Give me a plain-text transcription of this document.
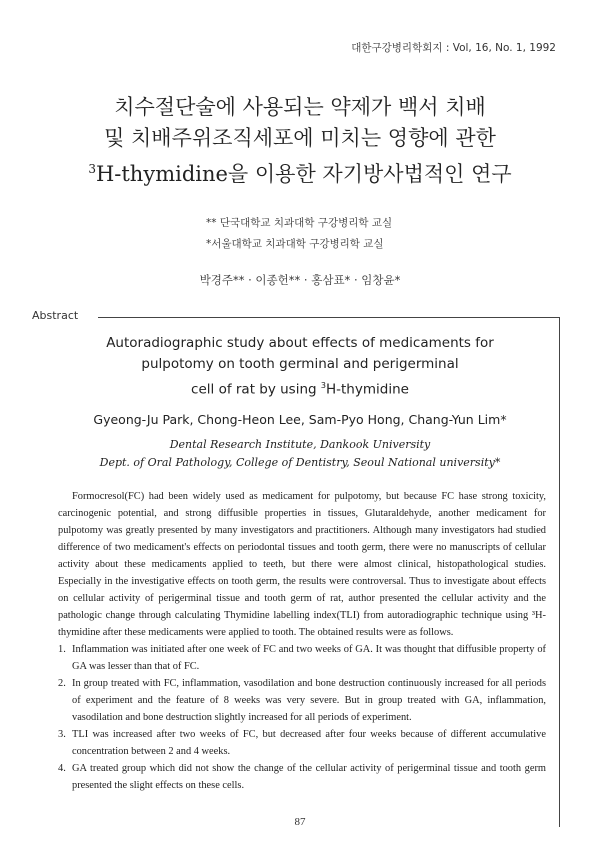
대한구강병리학회지 : Vol, 16, No. 1, 1992
치수절단술에 사용되는 약제가 백서 치배
및 치배주위조직세포에 미치는 영향에 관한
$^3$H-thymidine을 이용한 자기방사법적인 연구
** 단국대학교 치과대학 구강병리학 교실
*서울대학교 치과대학 구강병리학 교실
박경주** · 이종헌** · 홍삼표* · 임창윤*
Abstract
Autoradiographic study about effects of medicaments for
pulpotomy on tooth germinal and perigerminal
cell of rat by using $^3$H-thymidine
Gyeong-Ju Park, Chong-Heon Lee, Sam-Pyo Hong, Chang-Yun Lim*
Dental Research Institute, Dankook University
Dept. of Oral Pathology, College of Dentistry, Seoul National university*

Formocresol(FC) had been widely used as medicament for pulpotomy, but because FC hase strong toxicity, carcinogenic potential, and strong diffusible properties in tissues, Glutaraldehyde, another medicament for pulpotomy was greatly presented by many investigators and practitioners. Although many investigators had studied difference of two medicament's effects on periodontal tissues and tooth germ, there were no manuscripts of cellular activity about these medicaments applied to teeth, but there were almost clinical, histopathological studies. Especially in the investigative effects on tooth germ, the results were controversal. Thus to investigate about effects on cellular activity of perigerminal tissue and tooth germ of rat, author presented the cellular activity and the pathologic change through calculating Thymidine labelling index(TLI) from autoradiographic technique using ³H-thymidine after these medicaments were applied to tooth. The obtained results were as follows.

1. Inflammation was initiated after one week of FC and two weeks of GA. It was thought that diffusible property of GA was lesser than that of FC.
2. In group treated with FC, inflammation, vasodilation and bone destruction continuously increased for all periods of experiment and the feature of 8 weeks was very severe. But in group treated with GA, inflammation, vasodilation and bone destruction slightly increased for all periods of experiment.
3. TLI was increased after two weeks of FC, but decreased after four weeks because of different accumulative concentration between 2 and 4 weeks.
4. GA treated group which did not show the change of the cellular activity of perigerminal tissue and tooth germ presented the slight effects on these cells.
87
